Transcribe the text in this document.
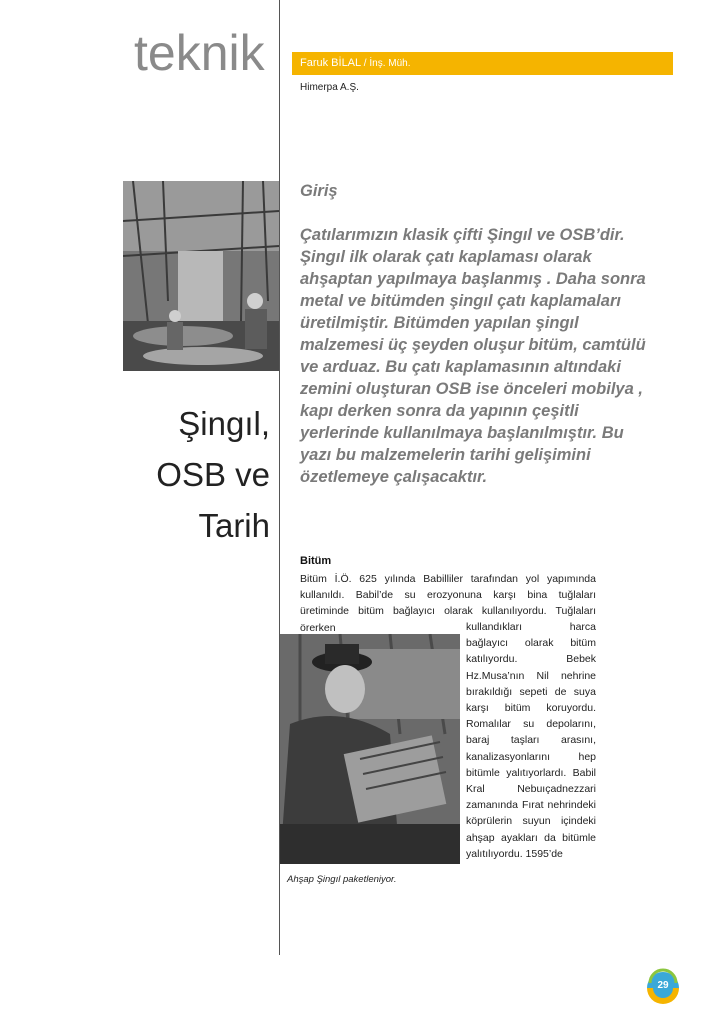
teknik	Faruk BİLAL / İnş. Müh.
Himerpa A.Ş.
Şingıl,
OSB ve
Tarih
Giriş

Çatılarımızın klasik çifti Şingıl ve OSB’dir. Şingıl ilk olarak çatı kaplaması olarak ahşaptan yapılmaya başlanmış . Daha sonra metal ve bitümden şingıl çatı kaplamaları üretilmiştir. Bitümden yapılan şingıl malzemesi üç şeyden oluşur bitüm, camtülü ve arduaz. Bu çatı kaplamasının altındaki zemini oluşturan OSB ise önceleri mobilya , kapı derken sonra da yapının çeşitli yerlerinde kullanılmaya başlanılmıştır. Bu yazı bu malzemelerin tarihi gelişimini özetlemeye çalışacaktır.

Bitüm
Bitüm İ.Ö. 625 yılında Babilliler tarafından yol yapımında kullanıldı. Babil’de su erozyonuna karşı bina tuğlaları üretiminde bitüm bağlayıcı olarak kullanılıyordu. Tuğlaları örerken	kullandıkları harca bağlayıcı olarak bitüm katılıyordu. Bebek Hz.Musa’nın Nil nehrine bırakıldığı sepeti de suya karşı bitüm koruyordu. Romalılar su depolarını, baraj taşları arasını, kanalizasyonlarını hep bitümle yalıtıyorlardı. Babil Kral Nebuıçadnezzari zamanında Fırat nehrindeki köprülerin suyun içindeki ahşap ayakları da bitümle yalıtılıyordu. 1595’de
Ahşap Şingıl paketleniyor.
29
